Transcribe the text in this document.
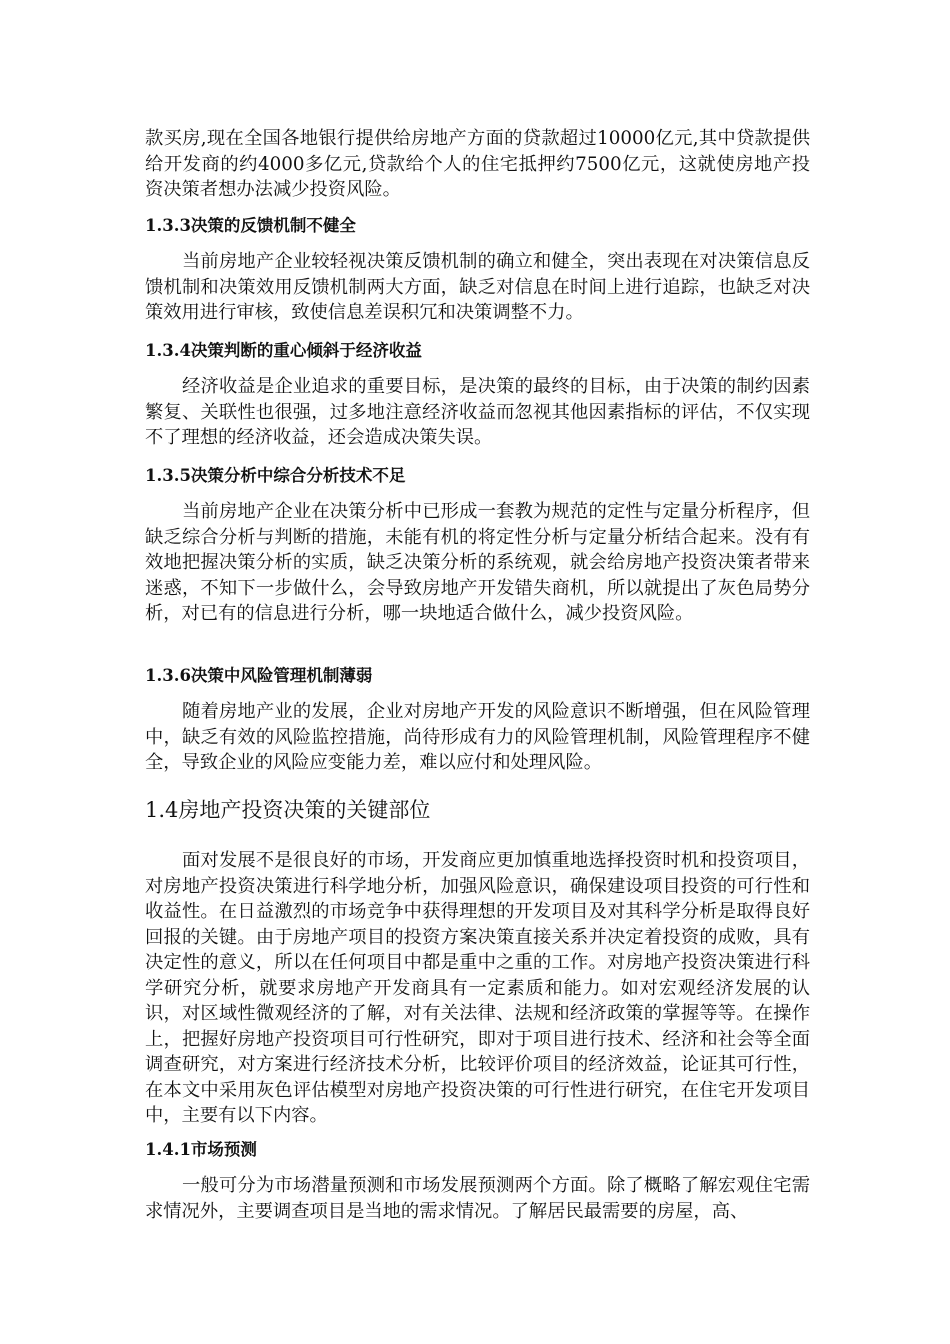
款买房,现在全国各地银行提供给房地产方面的贷款超过10000亿元,其中贷款提供给开发商的约4000多亿元,贷款给个人的住宅抵押约7500亿元，这就使房地产投资决策者想办法减少投资风险。
1.3.3决策的反馈机制不健全
当前房地产企业较轻视决策反馈机制的确立和健全，突出表现在对决策信息反馈机制和决策效用反馈机制两大方面，缺乏对信息在时间上进行追踪，也缺乏对决策效用进行审核，致使信息差误积冗和决策调整不力。
1.3.4决策判断的重心倾斜于经济收益
经济收益是企业追求的重要目标，是决策的最终的目标，由于决策的制约因素繁复、关联性也很强，过多地注意经济收益而忽视其他因素指标的评估，不仅实现不了理想的经济收益，还会造成决策失误。
1.3.5决策分析中综合分析技术不足
当前房地产企业在决策分析中已形成一套教为规范的定性与定量分析程序，但缺乏综合分析与判断的措施，未能有机的将定性分析与定量分析结合起来。没有有效地把握决策分析的实质，缺乏决策分析的系统观，就会给房地产投资决策者带来迷惑，不知下一步做什么，会导致房地产开发错失商机，所以就提出了灰色局势分析，对已有的信息进行分析，哪一块地适合做什么，减少投资风险。
1.3.6决策中风险管理机制薄弱
随着房地产业的发展，企业对房地产开发的风险意识不断增强，但在风险管理中，缺乏有效的风险监控措施，尚待形成有力的风险管理机制，风险管理程序不健全，导致企业的风险应变能力差，难以应付和处理风险。
1.4房地产投资决策的关键部位
面对发展不是很良好的市场，开发商应更加慎重地选择投资时机和投资项目，对房地产投资决策进行科学地分析，加强风险意识，确保建设项目投资的可行性和收益性。在日益激烈的市场竞争中获得理想的开发项目及对其科学分析是取得良好回报的关键。由于房地产项目的投资方案决策直接关系并决定着投资的成败，具有决定性的意义，所以在任何项目中都是重中之重的工作。对房地产投资决策进行科学研究分析，就要求房地产开发商具有一定素质和能力。如对宏观经济发展的认识，对区域性微观经济的了解，对有关法律、法规和经济政策的掌握等等。在操作上，把握好房地产投资项目可行性研究，即对于项目进行技术、经济和社会等全面调查研究，对方案进行经济技术分析，比较评价项目的经济效益，论证其可行性，在本文中采用灰色评估模型对房地产投资决策的可行性进行研究，在住宅开发项目中，主要有以下内容。
1.4.1市场预测
一般可分为市场潜量预测和市场发展预测两个方面。除了概略了解宏观住宅需求情况外，主要调查项目是当地的需求情况。了解居民最需要的房屋，高、
